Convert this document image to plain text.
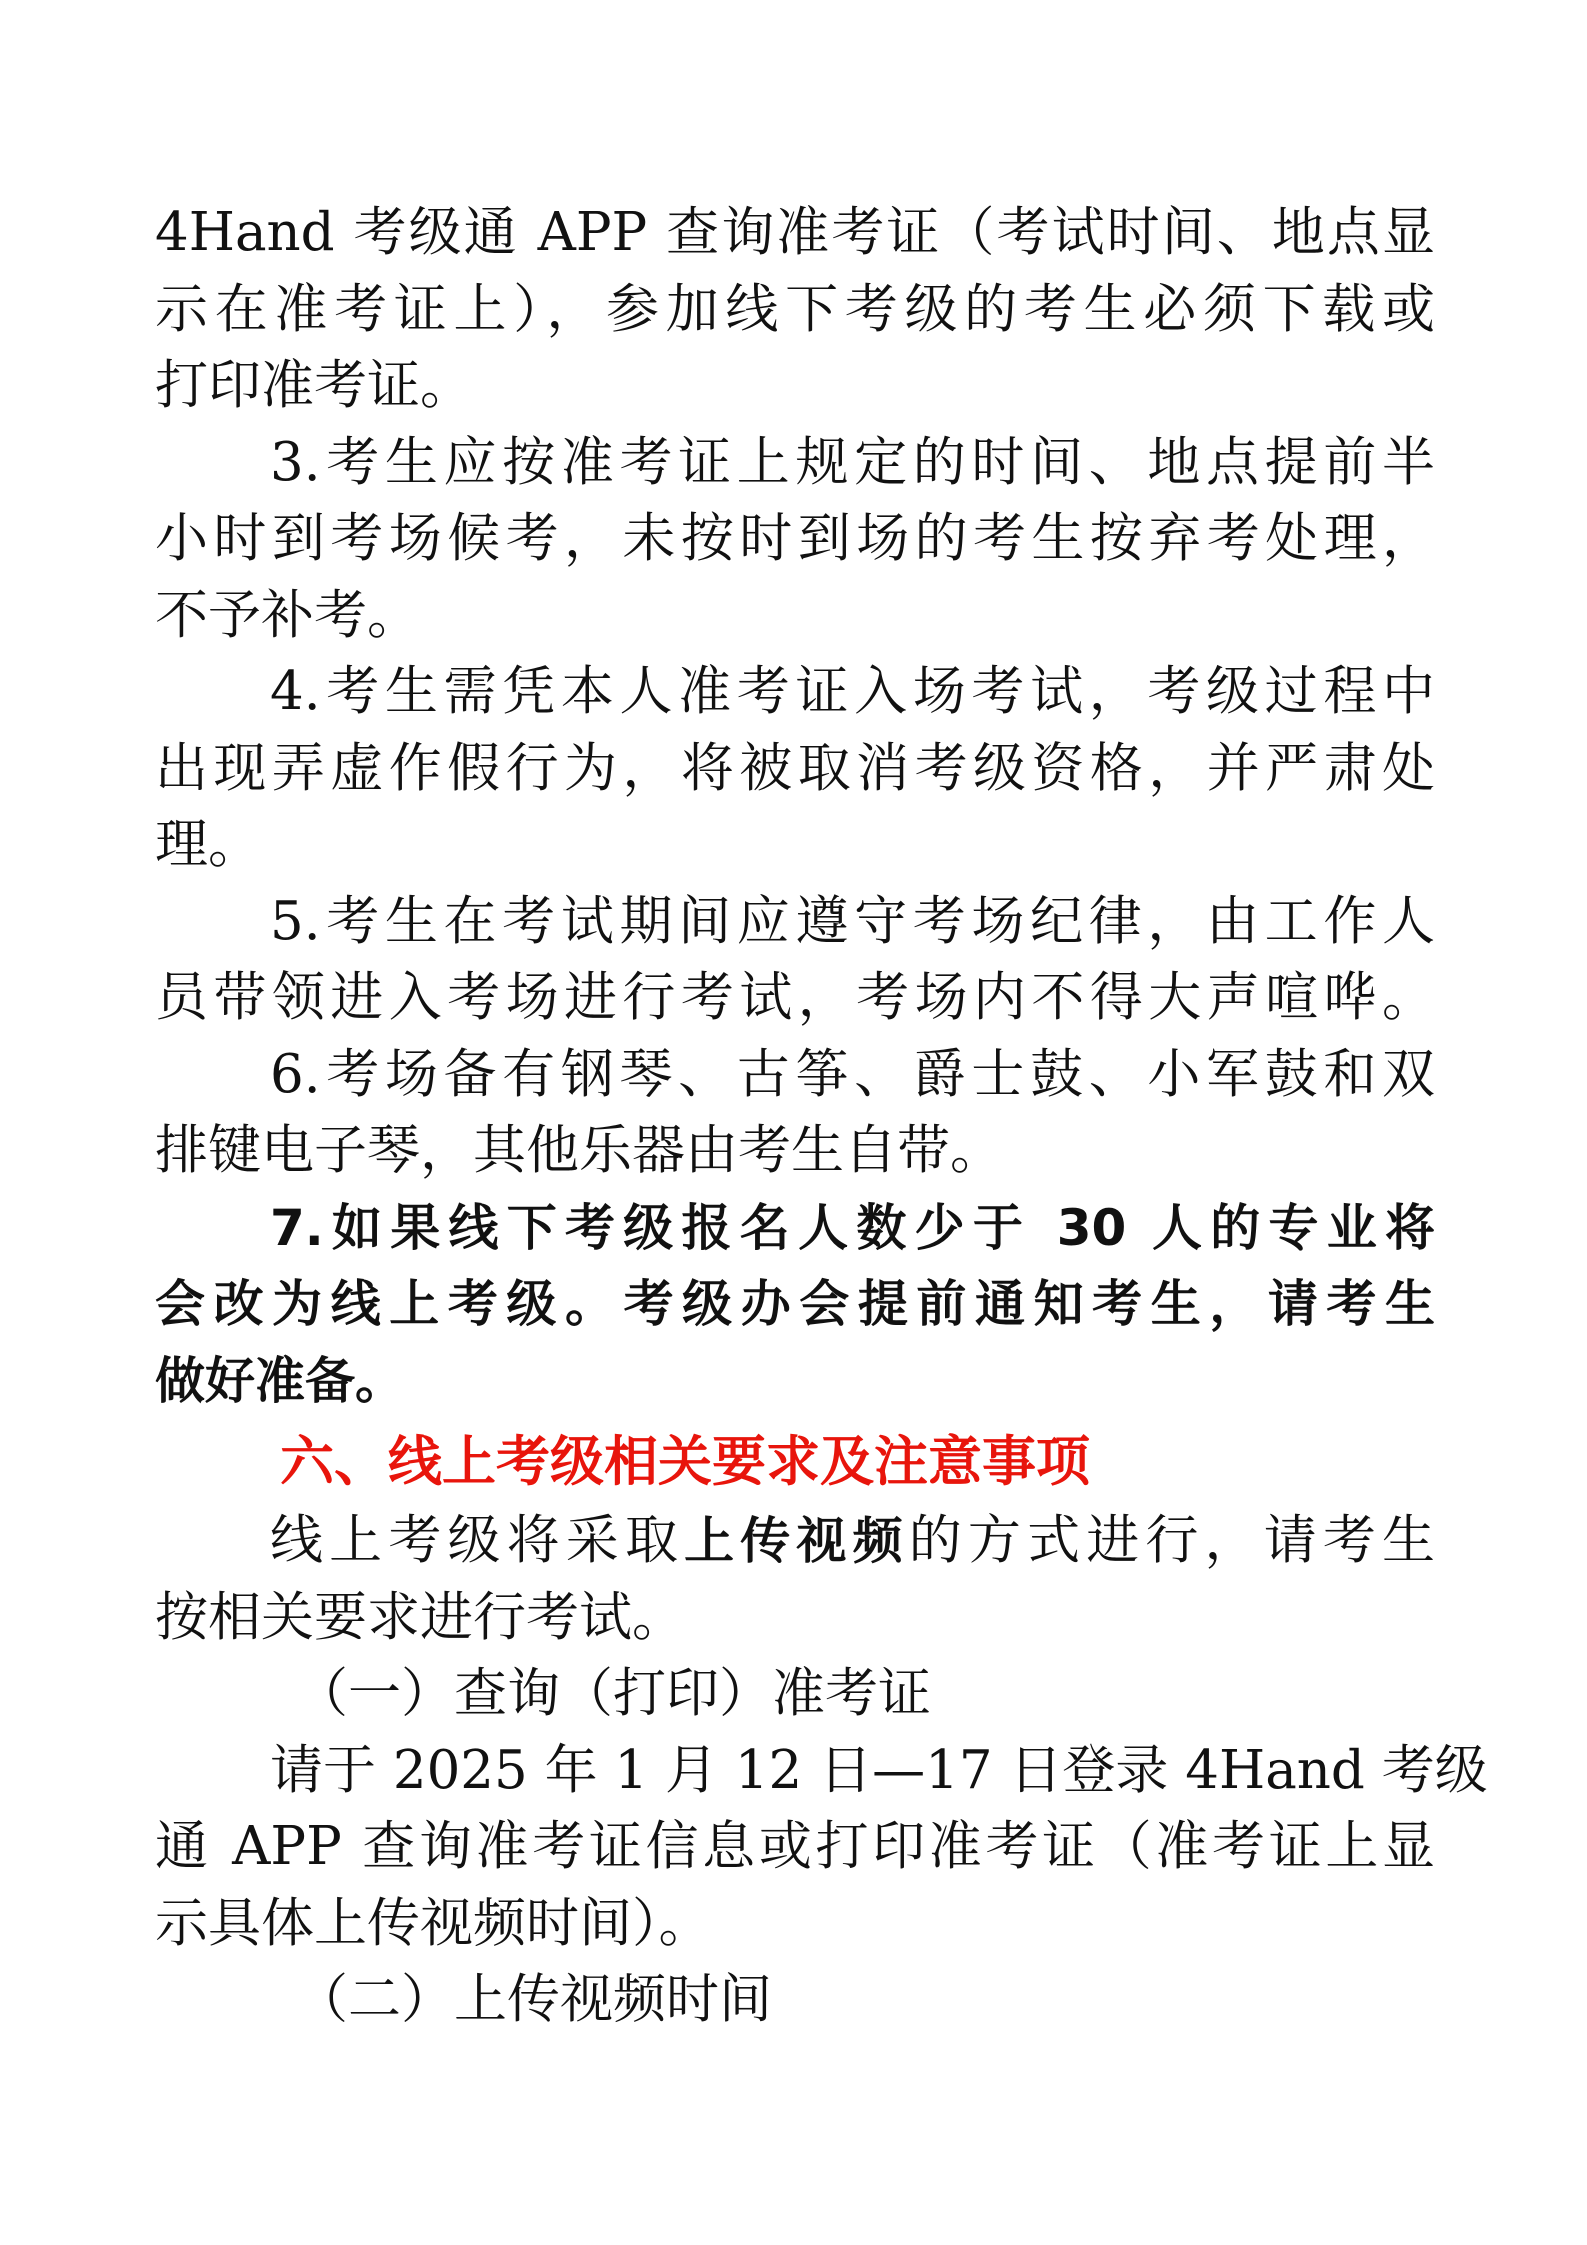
4Hand 考级通 APP 查询准考证（考试时间、地点显
示在准考证上），参加线下考级的考生必须下载或
打印准考证。
3.考生应按准考证上规定的时间、地点提前半
小时到考场候考，未按时到场的考生按弃考处理，
不予补考。
4.考生需凭本人准考证入场考试，考级过程中
出现弄虚作假行为，将被取消考级资格，并严肃处
理。
5.考生在考试期间应遵守考场纪律，由工作人
员带领进入考场进行考试，考场内不得大声喧哗。
6.考场备有钢琴、古筝、爵士鼓、小军鼓和双
排键电子琴，其他乐器由考生自带。
7.如果线下考级报名人数少于 30 人的专业将
会改为线上考级。考级办会提前通知考生，请考生
做好准备。
六、线上考级相关要求及注意事项
线上考级将采取上传视频的方式进行，请考生
按相关要求进行考试。
（一）查询（打印）准考证
请于 2025 年 1 月 12 日—17 日登录 4Hand 考级
通 APP 查询准考证信息或打印准考证（准考证上显
示具体上传视频时间）。
（二）上传视频时间
